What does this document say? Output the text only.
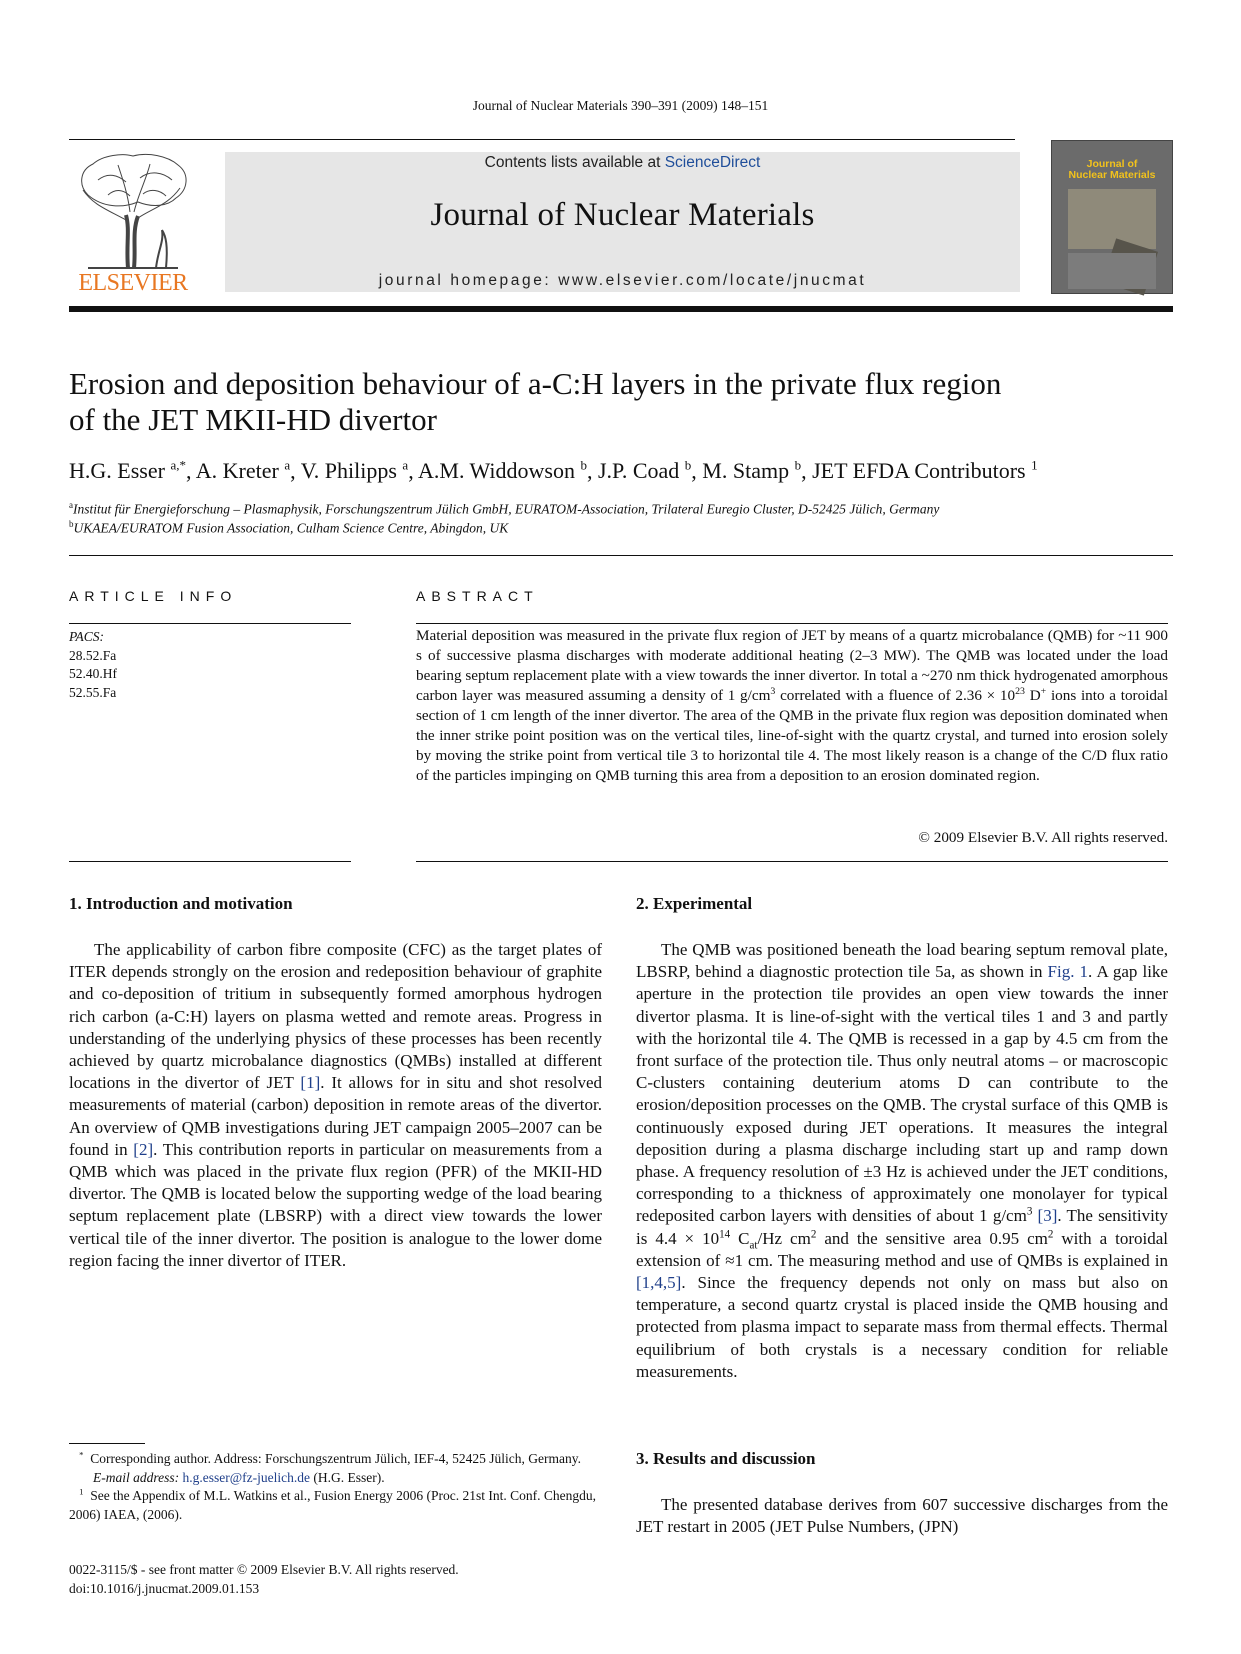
Journal of Nuclear Materials 390–391 (2009) 148–151
ELSEVIER
Contents lists available at ScienceDirect
Journal of Nuclear Materials
journal homepage: www.elsevier.com/locate/jnucmat
Journal of
Nuclear Materials
Erosion and deposition behaviour of a-C:H layers in the private flux region
of the JET MKII-HD divertor
H.G. Esser $^{a,*}$, A. Kreter $^a$, V. Philipps $^a$, A.M. Widdowson $^b$, J.P. Coad $^b$, M. Stamp $^b$, JET EFDA Contributors $^1$
$^a$Institut für Energieforschung – Plasmaphysik, Forschungszentrum Jülich GmbH, EURATOM-Association, Trilateral Euregio Cluster, D-52425 Jülich, Germany
$^b$UKAEA/EURATOM Fusion Association, Culham Science Centre, Abingdon, UK
ARTICLE INFO
PACS:
28.52.Fa
52.40.Hf
52.55.Fa
ABSTRACT

Material deposition was measured in the private flux region of JET by means of a quartz microbalance (QMB) for ~11 900 s of successive plasma discharges with moderate additional heating (2–3 MW). The QMB was located under the load bearing septum replacement plate with a view towards the inner divertor. In total a ~270 nm thick hydrogenated amorphous carbon layer was measured assuming a density of 1 $g/cm^3$ correlated with a fluence of $2.36 \times 10^{23}$ D+ ions into a toroidal section of 1 cm length of the inner divertor. The area of the QMB in the private flux region was deposition dominated when the inner strike point position was on the vertical tiles, line-of-sight with the quartz crystal, and turned into erosion solely by moving the strike point from vertical tile 3 to horizontal tile 4. The most likely reason is a change of the C/D flux ratio of the particles impinging on QMB turning this area from a deposition to an erosion dominated region.

© 2009 Elsevier B.V. All rights reserved.
1. Introduction and motivation

The applicability of carbon fibre composite (CFC) as the target plates of ITER depends strongly on the erosion and redeposition behaviour of graphite and co-deposition of tritium in subsequently formed amorphous hydrogen rich carbon (a-C:H) layers on plasma wetted and remote areas. Progress in understanding of the underlying physics of these processes has been recently achieved by quartz microbalance diagnostics (QMBs) installed at different locations in the divertor of JET [1]. It allows for in situ and shot resolved measurements of material (carbon) deposition in remote areas of the divertor. An overview of QMB investigations during JET campaign 2005–2007 can be found in [2]. This contribution reports in particular on measurements from a QMB which was placed in the private flux region (PFR) of the MKII-HD divertor. The QMB is located below the supporting wedge of the load bearing septum replacement plate (LBSRP) with a direct view towards the lower vertical tile of the inner divertor. The position is analogue to the lower dome region facing the inner divertor of ITER.

* Corresponding author. Address: Forschungszentrum Jülich, IEF-4, 52425 Jülich, Germany.

E-mail address: h.g.esser@fz-juelich.de (H.G. Esser).

$^1$ See the Appendix of M.L. Watkins et al., Fusion Energy 2006 (Proc. 21st Int. Conf. Chengdu, 2006) IAEA, (2006).

0022-3115/$ - see front matter © 2009 Elsevier B.V. All rights reserved.

doi:10.1016/j.jnucmat.2009.01.153

2. Experimental

The QMB was positioned beneath the load bearing septum removal plate, LBSRP, behind a diagnostic protection tile 5a, as shown in Fig. 1. A gap like aperture in the protection tile provides an open view towards the inner divertor plasma. It is line-of-sight with the vertical tiles 1 and 3 and partly with the horizontal tile 4. The QMB is recessed in a gap by 4.5 cm from the front surface of the protection tile. Thus only neutral atoms – or macroscopic C-clusters containing deuterium atoms D can contribute to the erosion/deposition processes on the QMB. The crystal surface of this QMB is continuously exposed during JET operations. It measures the integral deposition during a plasma discharge including start up and ramp down phase. A frequency resolution of ±3 Hz is achieved under the JET conditions, corresponding to a thickness of approximately one monolayer for typical redeposited carbon layers with densities of about 1 $g/cm^3$ [3]. The sensitivity is $4.4 \times 10^{14}$ $C_{at}/Hz$ $cm^2$ and the sensitive area 0.95 $cm^2$ with a toroidal extension of ≈1 cm. The measuring method and use of QMBs is explained in [1,4,5]. Since the frequency depends not only on mass but also on temperature, a second quartz crystal is placed inside the QMB housing and protected from plasma impact to separate mass from thermal effects. Thermal equilibrium of both crystals is a necessary condition for reliable measurements.

3. Results and discussion

The presented database derives from 607 successive discharges from the JET restart in 2005 (JET Pulse Numbers, (JPN)
